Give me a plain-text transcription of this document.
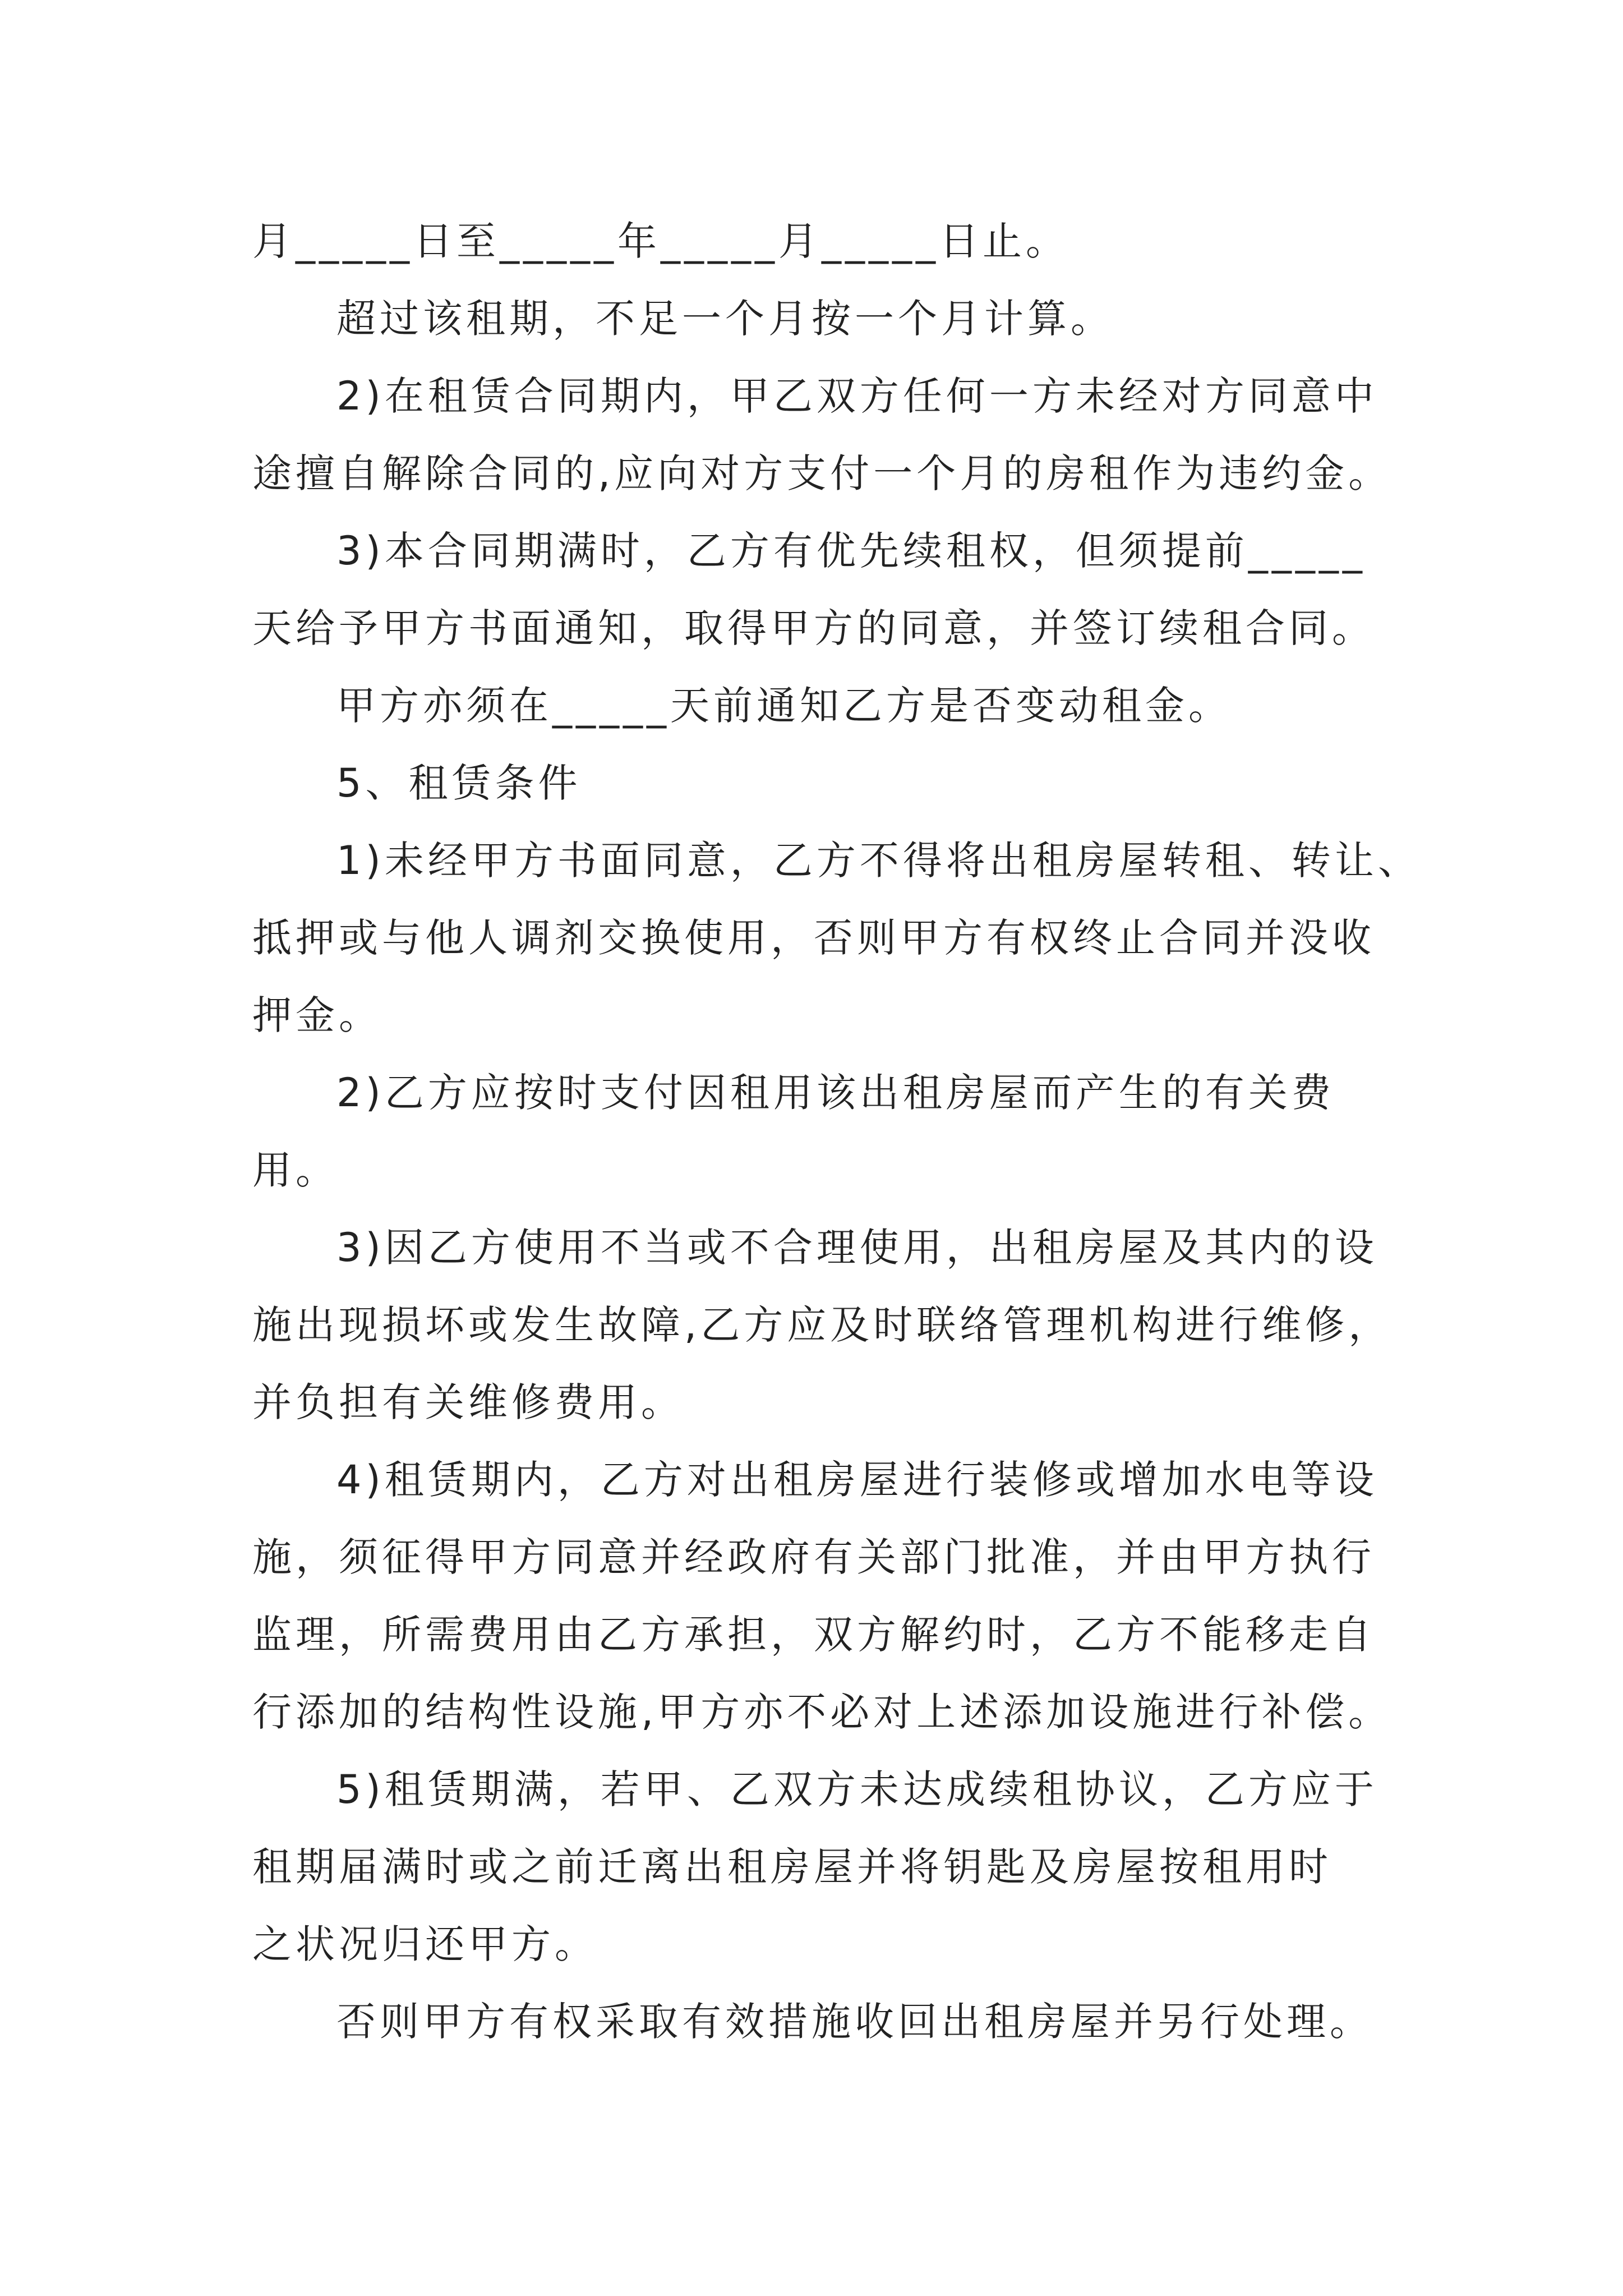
月_____日至_____年_____月_____日止。
超过该租期，不足一个月按一个月计算。
2)在租赁合同期内，甲乙双方任何一方未经对方同意中
途擅自解除合同的,应向对方支付一个月的房租作为违约金。
3)本合同期满时，乙方有优先续租权，但须提前_____
天给予甲方书面通知，取得甲方的同意，并签订续租合同。
甲方亦须在_____天前通知乙方是否变动租金。
5、租赁条件
1)未经甲方书面同意，乙方不得将出租房屋转租、转让、
抵押或与他人调剂交换使用，否则甲方有权终止合同并没收
押金。
2)乙方应按时支付因租用该出租房屋而产生的有关费
用。
3)因乙方使用不当或不合理使用，出租房屋及其内的设
施出现损坏或发生故障,乙方应及时联络管理机构进行维修，
并负担有关维修费用。
4)租赁期内，乙方对出租房屋进行装修或增加水电等设
施，须征得甲方同意并经政府有关部门批准，并由甲方执行
监理，所需费用由乙方承担，双方解约时，乙方不能移走自
行添加的结构性设施,甲方亦不必对上述添加设施进行补偿。
5)租赁期满，若甲、乙双方未达成续租协议，乙方应于
租期届满时或之前迁离出租房屋并将钥匙及房屋按租用时
之状况归还甲方。
否则甲方有权采取有效措施收回出租房屋并另行处理。
